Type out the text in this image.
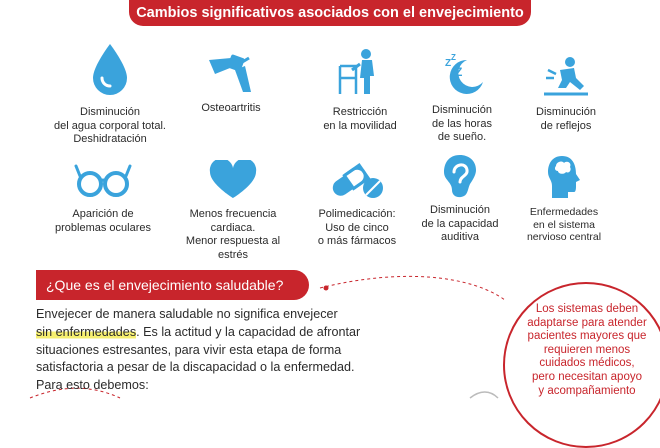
Cambios significativos asociados con el envejecimiento
Disminución
del agua corporal total.
Deshidratación
Osteoartritis	Restricción
en la movilidad
Z
Z
Z
Disminución
de las horas
de sueño.
Disminución
de reflejos
Aparición de
problemas oculares
Menos frecuencia cardiaca.
Menor respuesta al estrés
Polimedicación:
Uso de cinco
o más fármacos
Disminución
de la capacidad
auditiva
Enfermedades
en el sistema
nervioso central
¿Que es el envejecimiento saludable?
Envejecer de manera saludable no significa envejecer
sin enfermedades. Es la actitud y la capacidad de afrontar
situaciones estresantes, para vivir esta etapa de forma
satisfactoria a pesar de la discapacidad o la enfermedad.
Para esto debemos:
Los sistemas deben
adaptarse para atender
pacientes mayores que
requieren menos
cuidados médicos,
pero necesitan apoyo
y acompañamiento
